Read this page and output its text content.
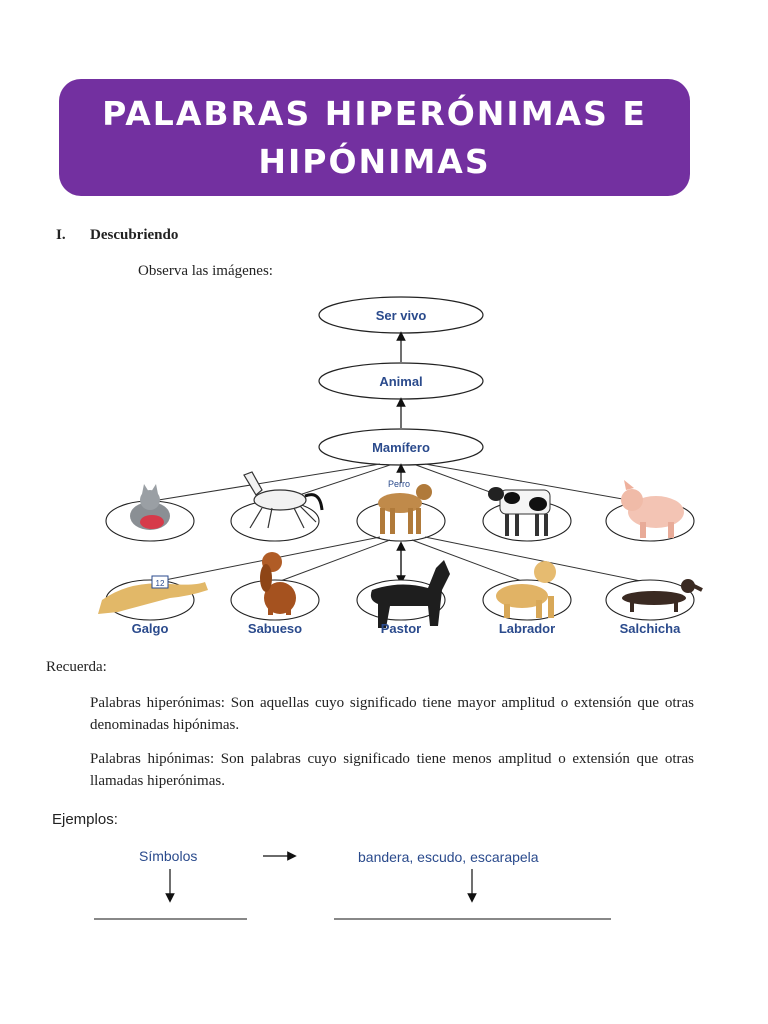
PALABRAS HIPERÓNIMAS E
HIPÓNIMAS
I. Descubriendo
Observa las imágenes:
Ser vivo
Animal
Mamífero
Perro
12
Galgo	Sabueso	Pastor	Labrador	Salchicha
Recuerda:
Palabras hiperónimas: Son aquellas cuyo significado tiene mayor amplitud o extensión que otras denominadas hipónimas.
Palabras hipónimas: Son palabras cuyo significado tiene menos amplitud o extensión que otras llamadas hiperónimas.
Ejemplos:
Símbolos	bandera, escudo, escarapela
